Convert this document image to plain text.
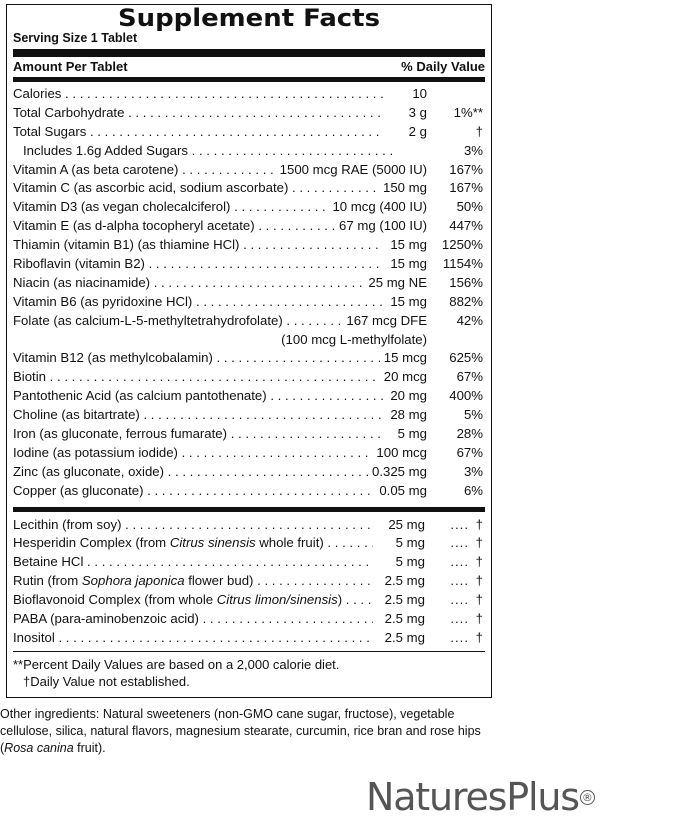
Supplement Facts
Serving Size 1 Tablet
Amount Per Tablet	% Daily Value
Calories . . .	10
Total Carbohydrate . . .	3 g 1%**
Total Sugars . . .	2 g	†
Includes 1.6g Added Sugars . . .	3%
Vitamin A (as beta carotene) . . .	1500 mcg RAE (5000 IU) 167%
Vitamin C (as ascorbic acid, sodium ascorbate) . . .	150 mg 167%
Vitamin D3 (as vegan cholecalciferol) . . .	10 mcg (400 IU) 50%
Vitamin E (as d-alpha tocopheryl acetate) . . .	67 mg (100 IU) 447%
Thiamin (vitamin B1) (as thiamine HCl) . . .	15 mg 1250%
Riboflavin (vitamin B2) . . .	15 mg 1154%
Niacin (as niacinamide) . . .	25 mg NE 156%
Vitamin B6 (as pyridoxine HCl) . . .	15 mg 882%
Folate (as calcium-L-5-methyltetrahydrofolate) . . .	167 mcg DFE 42%
(100 mcg L-methylfolate)
Vitamin B12 (as methylcobalamin) . . .	15 mcg 625%
Biotin . . .	20 mcg 67%
Pantothenic Acid (as calcium pantothenate) . . .	20 mg 400%
Choline (as bitartrate) . . .	28 mg	5%
Iron (as gluconate, ferrous fumarate) . . .	5 mg 28%
Iodine (as potassium iodide) . . .	100 mcg 67%
Zinc (as gluconate, oxide) . . .	0.325 mg	3%
Copper (as gluconate) . . .	0.05 mg	6%
Lecithin (from soy) . . .	25 mg .... †
Hesperidin Complex (from Citrus sinensis whole fruit) . . .	5 mg .... †
Betaine HCl . . .	5 mg .... †
Rutin (from Sophora japonica flower bud) . . .	2.5 mg .... †
Bioflavonoid Complex (from whole Citrus limon/sinensis) . . .	2.5 mg .... †
PABA (para-aminobenzoic acid) . . .	2.5 mg .... †
Inositol . . .	2.5 mg .... †
**Percent Daily Values are based on a 2,000 calorie diet.
†Daily Value not established.
Other ingredients: Natural sweeteners (non-GMO cane sugar, fructose), vegetable cellulose, silica, natural flavors, magnesium stearate, curcumin, rice bran and rose hips (Rosa canina fruit).
NaturesPlus ®
